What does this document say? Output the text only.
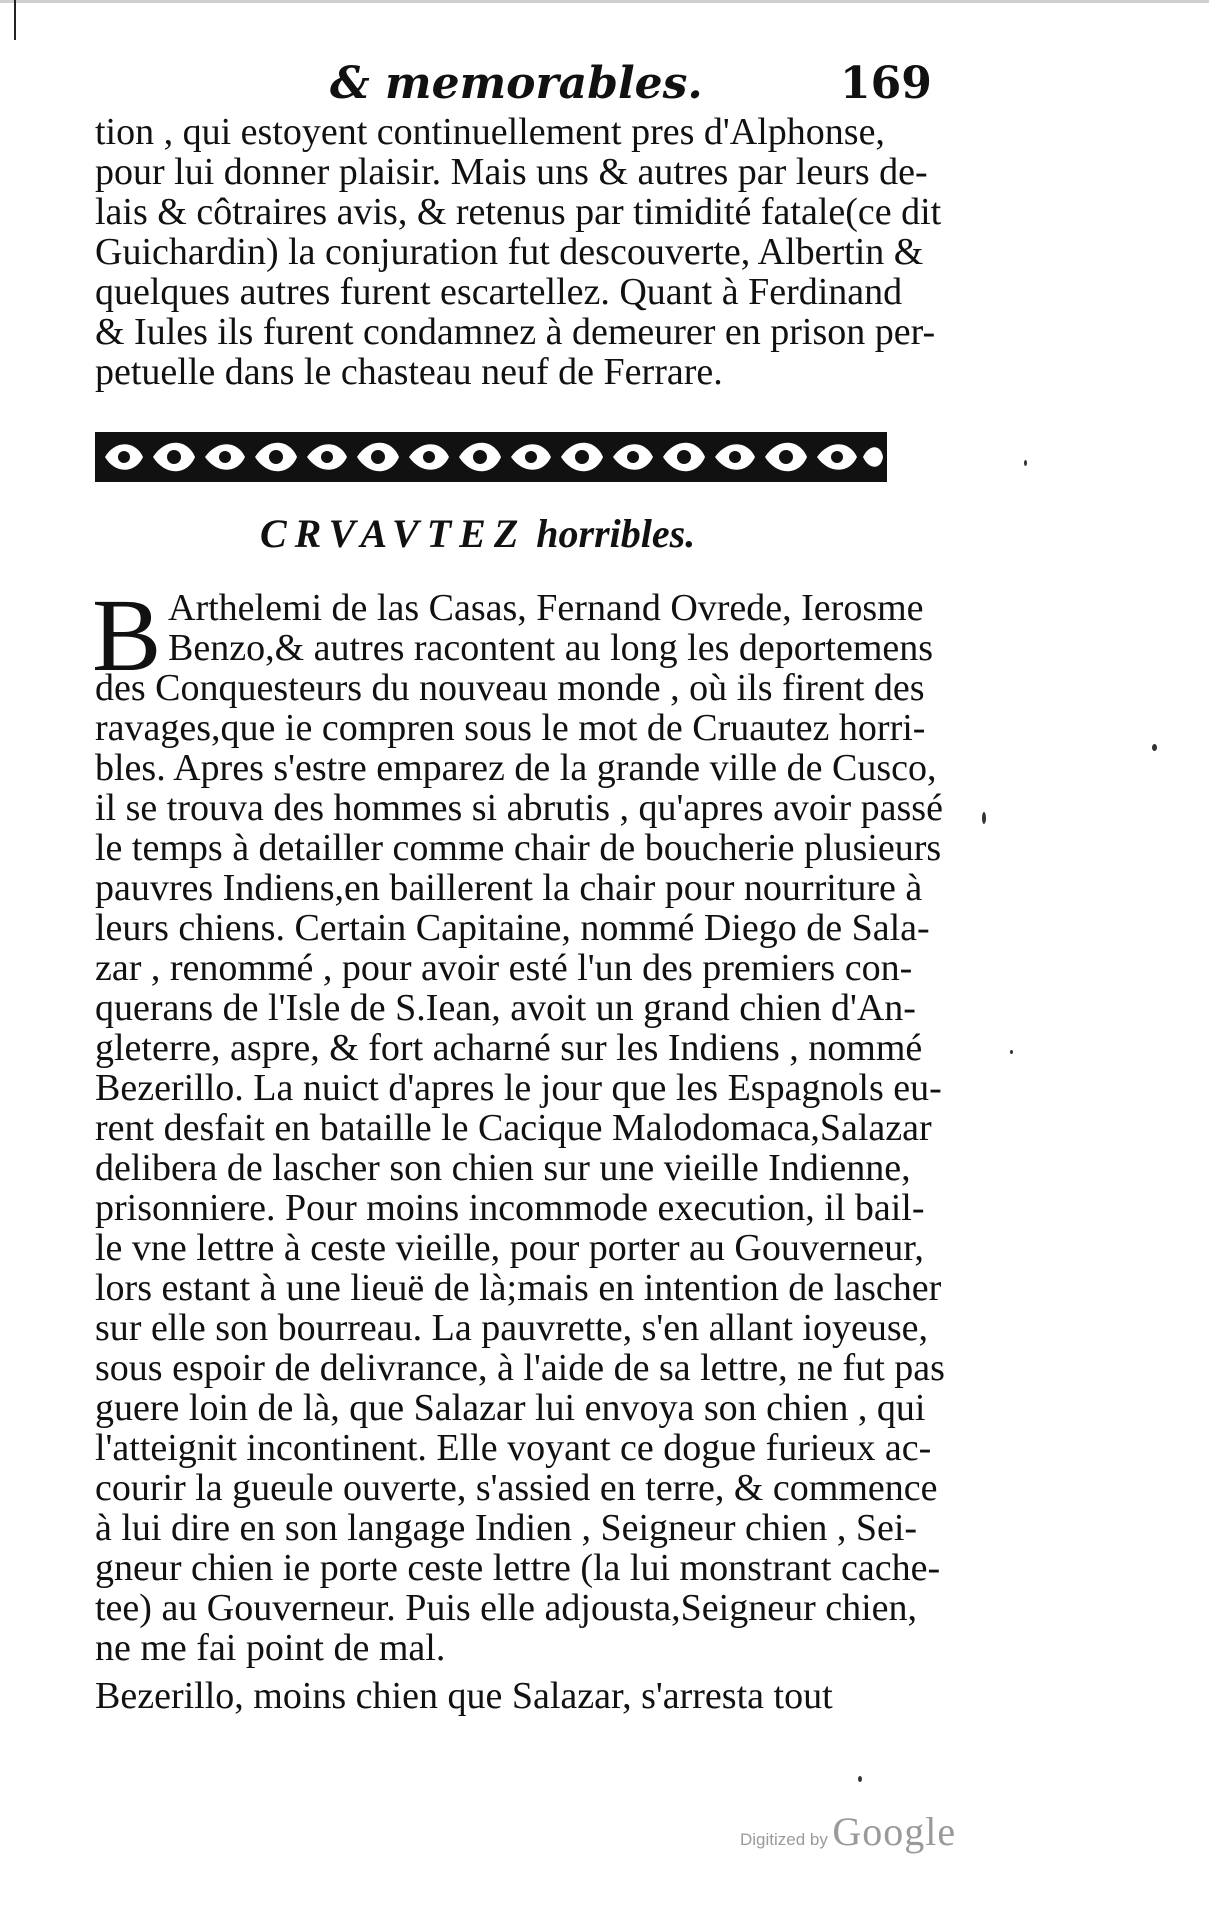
& memorables.	169
tion , qui estoyent continuellement pres d'Alphonse,
pour lui donner plaisir. Mais uns & autres par leurs de-
lais & côtraires avis, & retenus par timidité fatale(ce dit
Guichardin) la conjuration fut descouverte, Albertin &
quelques autres furent escartellez. Quant à Ferdinand
& Iules ils furent condamnez à demeurer en prison per-
petuelle dans le chasteau neuf de Ferrare.
CRVAVTEZ horribles.
B Arthelemi de las Casas, Fernand Ovrede, Ierosme
Benzo,& autres racontent au long les deportemens
des Conquesteurs du nouveau monde , où ils firent des
ravages,que ie compren sous le mot de Cruautez horri-
bles. Apres s'estre emparez de la grande ville de Cusco,
il se trouva des hommes si abrutis , qu'apres avoir passé
le temps à detailler comme chair de boucherie plusieurs
pauvres Indiens,en baillerent la chair pour nourriture à
leurs chiens. Certain Capitaine, nommé Diego de Sala-
zar , renommé , pour avoir esté l'un des premiers con-
querans de l'Isle de S.Iean, avoit un grand chien d'An-
gleterre, aspre, & fort acharné sur les Indiens , nommé
Bezerillo. La nuict d'apres le jour que les Espagnols eu-
rent desfait en bataille le Cacique Malodomaca,Salazar
delibera de lascher son chien sur une vieille Indienne,
prisonniere. Pour moins incommode execution, il bail-
le vne lettre à ceste vieille, pour porter au Gouverneur,
lors estant à une lieuë de là;mais en intention de lascher
sur elle son bourreau. La pauvrette, s'en allant ioyeuse,
sous espoir de delivrance, à l'aide de sa lettre, ne fut pas
guere loin de là, que Salazar lui envoya son chien , qui
l'atteignit incontinent. Elle voyant ce dogue furieux ac-
courir la gueule ouverte, s'assied en terre, & commence
à lui dire en son langage Indien , Seigneur chien , Sei-
gneur chien ie porte ceste lettre (la lui monstrant cache-
tee) au Gouverneur. Puis elle adjousta,Seigneur chien,
ne me fai point de mal.
Bezerillo, moins chien que Salazar, s'arresta tout
Digitized by Google
